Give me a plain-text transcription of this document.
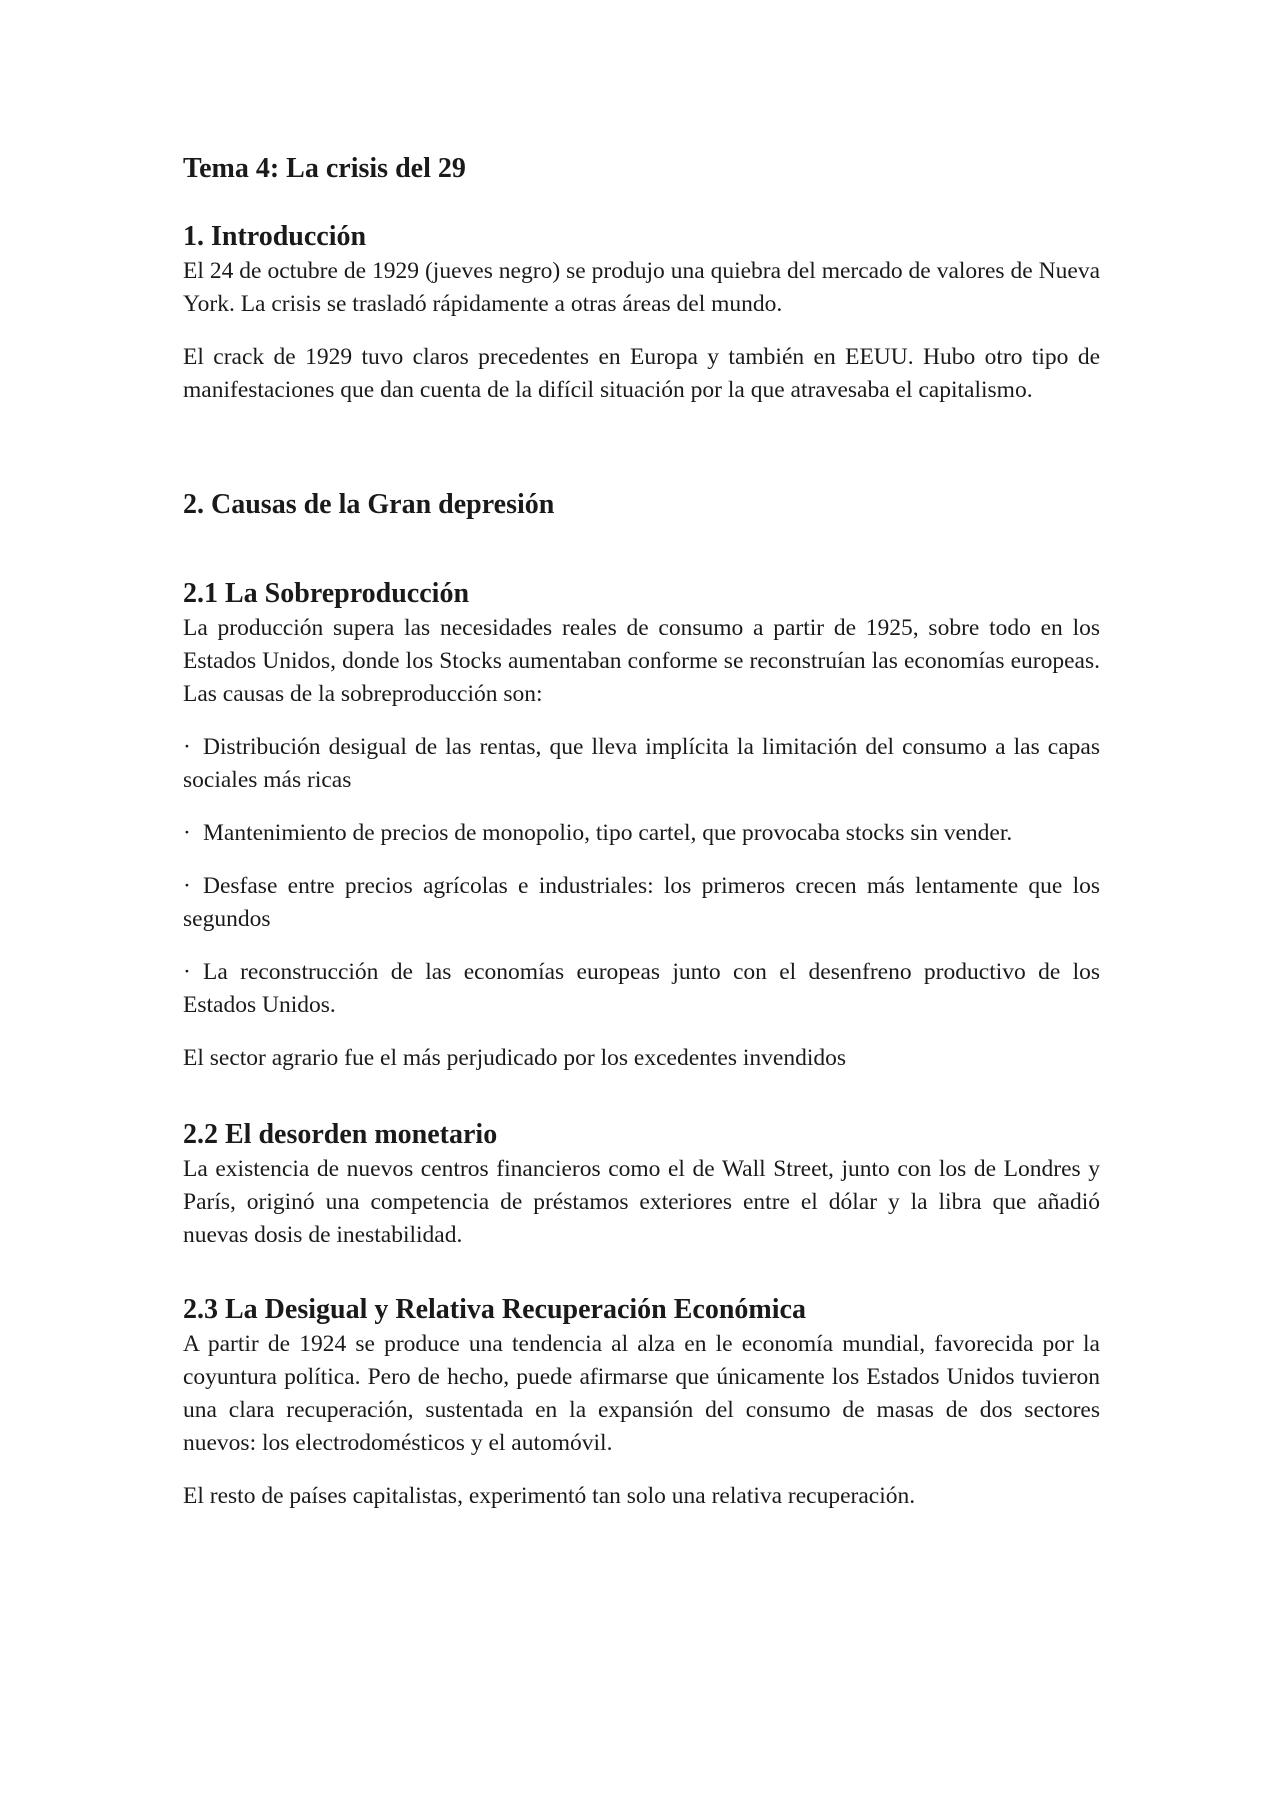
Tema 4: La crisis del 29
1. Introducción

El 24 de octubre de 1929 (jueves negro) se produjo una quiebra del mercado de valores de Nueva York. La crisis se trasladó rápidamente a otras áreas del mundo.

El crack de 1929 tuvo claros precedentes en Europa y también en EEUU. Hubo otro tipo de manifestaciones que dan cuenta de la difícil situación por la que atravesaba el capitalismo.

2. Causas de la Gran depresión
2.1 La Sobreproducción

La producción supera las necesidades reales de consumo a partir de 1925, sobre todo en los Estados Unidos, donde los Stocks aumentaban conforme se reconstruían las economías europeas. Las causas de la sobreproducción son:

· Distribución desigual de las rentas, que lleva implícita la limitación del consumo a las capas sociales más ricas

· Mantenimiento de precios de monopolio, tipo cartel, que provocaba stocks sin vender.

· Desfase entre precios agrícolas e industriales: los primeros crecen más lentamente que los segundos

· La reconstrucción de las economías europeas junto con el desenfreno productivo de los Estados Unidos.

El sector agrario fue el más perjudicado por los excedentes invendidos

2.2 El desorden monetario

La existencia de nuevos centros financieros como el de Wall Street, junto con los de Londres y París, originó una competencia de préstamos exteriores entre el dólar y la libra que añadió nuevas dosis de inestabilidad.

2.3 La Desigual y Relativa Recuperación Económica

A partir de 1924 se produce una tendencia al alza en le economía mundial, favorecida por la coyuntura política. Pero de hecho, puede afirmarse que únicamente los Estados Unidos tuvieron una clara recuperación, sustentada en la expansión del consumo de masas de dos sectores nuevos: los electrodomésticos y el automóvil.

El resto de países capitalistas, experimentó tan solo una relativa recuperación.
